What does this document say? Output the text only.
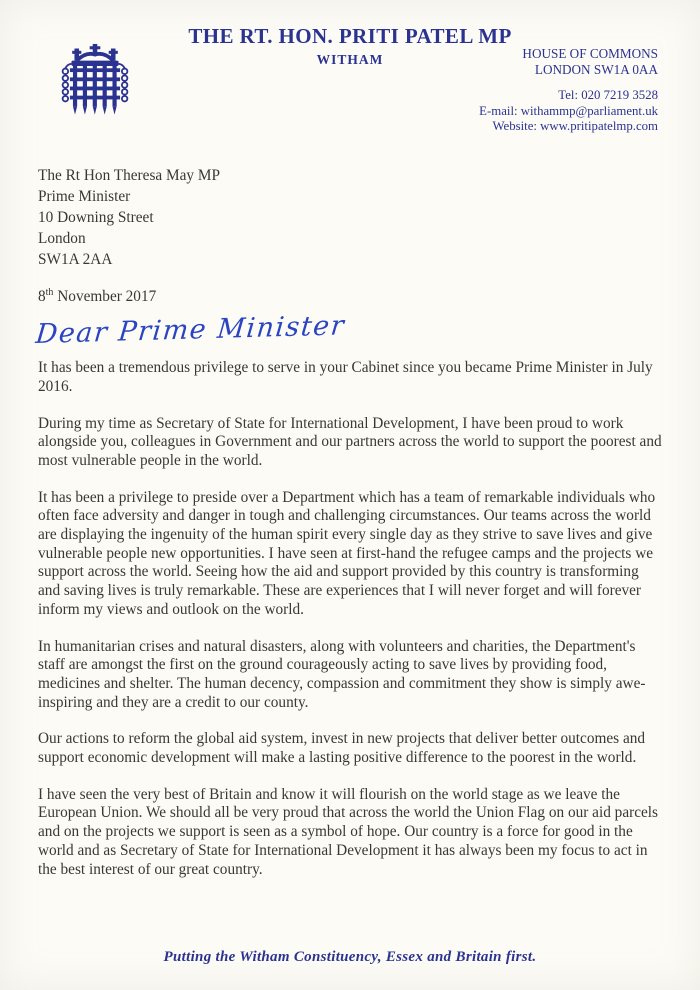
THE RT. HON. PRITI PATEL MP
WITHAM	HOUSE OF COMMONS
LONDON SW1A 0AA
Tel: 020 7219 3528
E-mail: withammp@parliament.uk
Website: www.pritipatelmp.com
The Rt Hon Theresa May MP
Prime Minister
10 Downing Street
London
SW1A 2AA
8th November 2017
Dear Prime Minister

It has been a tremendous privilege to serve in your Cabinet since you became Prime Minister in July 2016.

During my time as Secretary of State for International Development, I have been proud to work alongside you, colleagues in Government and our partners across the world to support the poorest and most vulnerable people in the world.

It has been a privilege to preside over a Department which has a team of remarkable individuals who often face adversity and danger in tough and challenging circumstances. Our teams across the world are displaying the ingenuity of the human spirit every single day as they strive to save lives and give vulnerable people new opportunities. I have seen at first-hand the refugee camps and the projects we support across the world. Seeing how the aid and support provided by this country is transforming and saving lives is truly remarkable. These are experiences that I will never forget and will forever inform my views and outlook on the world.

In humanitarian crises and natural disasters, along with volunteers and charities, the Department's staff are amongst the first on the ground courageously acting to save lives by providing food, medicines and shelter. The human decency, compassion and commitment they show is simply awe-inspiring and they are a credit to our county.

Our actions to reform the global aid system, invest in new projects that deliver better outcomes and support economic development will make a lasting positive difference to the poorest in the world.

I have seen the very best of Britain and know it will flourish on the world stage as we leave the European Union. We should all be very proud that across the world the Union Flag on our aid parcels and on the projects we support is seen as a symbol of hope. Our country is a force for good in the world and as Secretary of State for International Development it has always been my focus to act in the best interest of our great country.

Putting the Witham Constituency, Essex and Britain first.
